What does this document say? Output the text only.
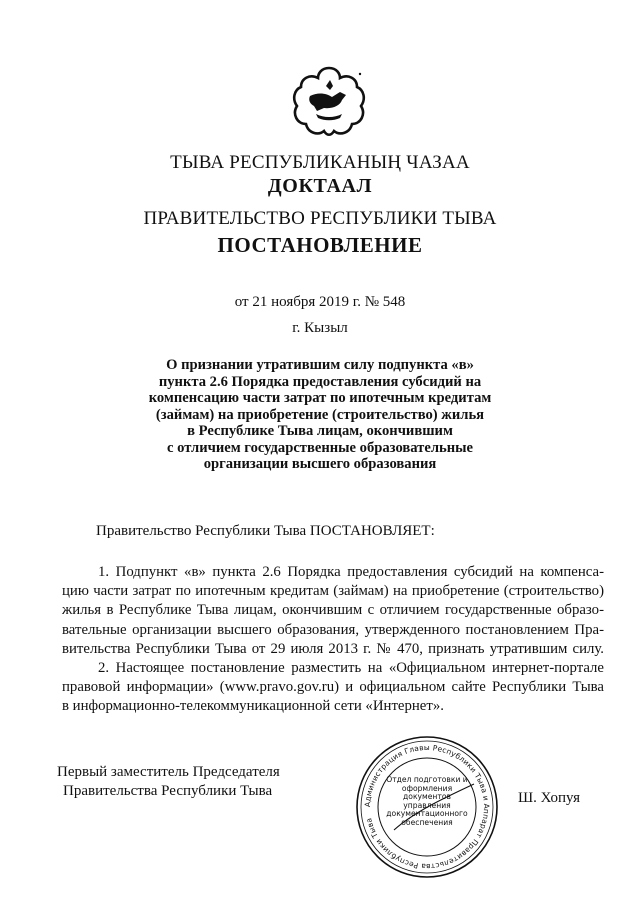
ТЫВА РЕСПУБЛИКАНЫҢ ЧАЗАА
ДОКТААЛ
ПРАВИТЕЛЬСТВО РЕСПУБЛИКИ ТЫВА
ПОСТАНОВЛЕНИЕ
от 21 ноября 2019 г. № 548
г. Кызыл
О признании утратившим силу подпункта «в»
пункта 2.6 Порядка предоставления субсидий на
компенсацию части затрат по ипотечным кредитам
(займам) на приобретение (строительство) жилья
в Республике Тыва лицам, окончившим
с отличием государственные образовательные
организации высшего образования
Правительство Республики Тыва ПОСТАНОВЛЯЕТ:
1. Подпункт «в» пункта 2.6 Порядка предоставления субсидий на компенса-
цию части затрат по ипотечным кредитам (займам) на приобретение (строительство)
жилья в Республике Тыва лицам, окончившим с отличием государственные образо-
вательные организации высшего образования, утвержденного постановлением Пра-
вительства Республики Тыва от 29 июля 2013 г. № 470, признать утратившим силу.
2. Настоящее постановление разместить на «Официальном интернет-портале
правовой информации» (www.pravo.gov.ru) и официальном сайте Республики Тыва
в информационно-телекоммуникационной сети «Интернет».
Первый заместитель Председателя
Правительства Республики Тыва
Администрация Главы Республики Тыва и Аппарат Правительства Республики Тыва
Отдел подготовки и оформления документов управления документационного обеспечения
Ш. Хопуя
